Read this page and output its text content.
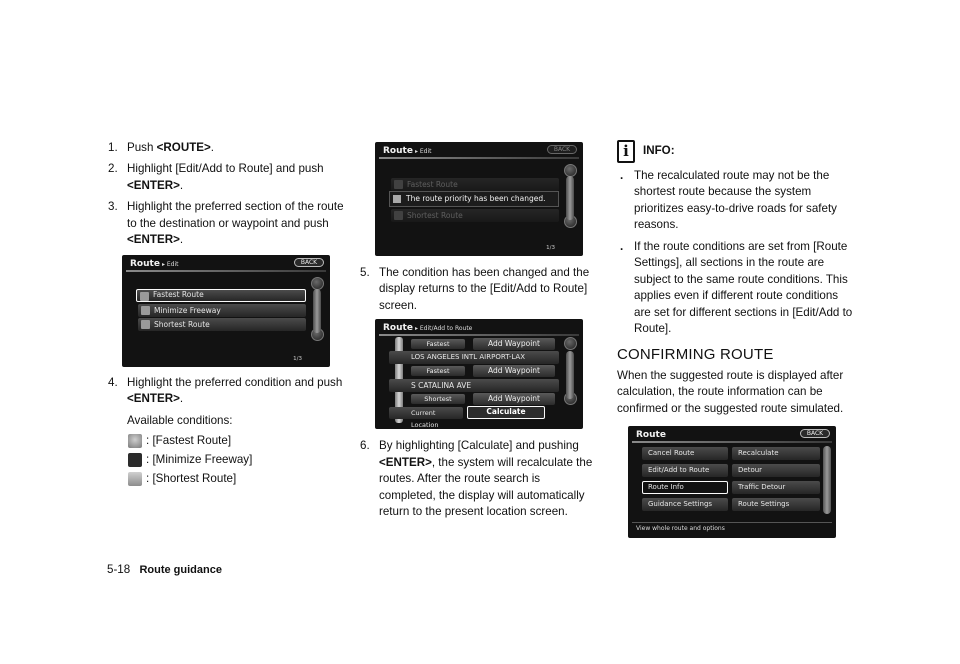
1. Push <ROUTE>.
2. Highlight [Edit/Add to Route] and push <ENTER>.
3. Highlight the preferred section of the route to the destination or waypoint and push <ENTER>.
Route ▸ Edit	BACK
Fastest Route
Minimize Freeway
Shortest Route
1/3
4. Highlight the preferred condition and push <ENTER>.
Available conditions:
: [Fastest Route]
: [Minimize Freeway]
: [Shortest Route]
Route ▸ Edit	BACK
Fastest Route
The route priority has been changed.
Shortest Route
1/3
5. The condition has been changed and the display returns to the [Edit/Add to Route] screen.
Route ▸ Edit/Add to Route
Fastest	Add Waypoint
LOS ANGELES INTL AIRPORT-LAX
Fastest	Add Waypoint
S CATALINA AVE
Shortest	Add Waypoint
Current Location
Calculate
6. By highlighting [Calculate] and pushing <ENTER>, the system will recalculate the routes. After the route search is completed, the display will automatically return to the present location screen.
i	INFO:
. The recalculated route may not be the shortest route because the system prioritizes easy-to-drive roads for safety reasons.
. If the route conditions are set from [Route Settings], all sections in the route are subject to the same route conditions. This applies even if different route conditions are set for different sections in [Edit/Add to Route].
CONFIRMING ROUTE
When the suggested route is displayed after calculation, the route information can be confirmed or the suggested route simulated.
Route	BACK
Cancel Route
Edit/Add to Route
Route Info
Guidance Settings
Recalculate
Detour
Traffic Detour
Route Settings
View whole route and options
5-18 Route guidance
